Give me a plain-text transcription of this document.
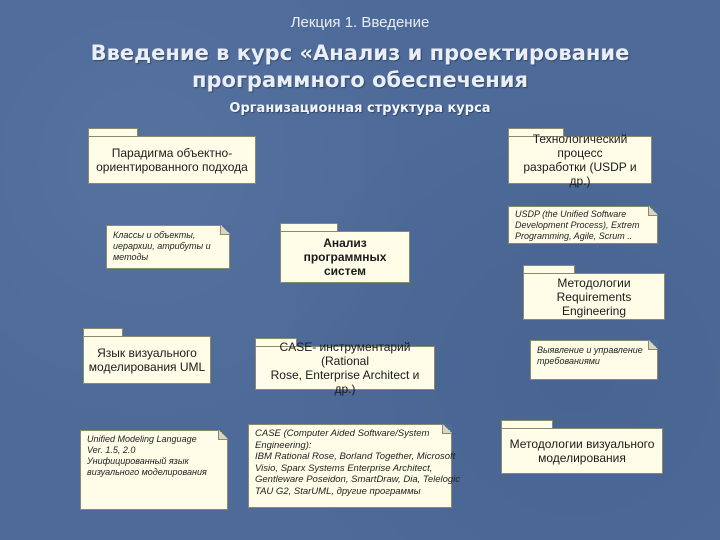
Лекция 1. Введение
Введение в курс «Анализ и проектирование
программного обеспечения
Организационная структура курса
Парадигма объектно-
ориентированного подхода
Технологический процесс
разработки (USDP и др.)
Анализ программных
систем
Методологии
Requirements Engineering
Язык визуального
моделирования UML
CASE- инструментарий (Rational
Rose, Enterprise Architect и др.)
Методологии визуального
моделирования
Классы и объекты,
иерархии, атрибуты и
методы
USDP (the Unified Software
Development Process), Extrem
Programming, Agile, Scrum ..
Выявление и управление
требованиями
Unified Modeling Language
Ver. 1.5, 2.0
Унифицированный язык
визуального моделирования
CASE (Computer Aided Software/System
Engineering):
IBM Rational Rose, Borland Together, Microsoft
Visio, Sparx Systems Enterprise Architect,
Gentleware Poseidon, SmartDraw, Dia, Telelogic
TAU G2, StarUML, другие программы
